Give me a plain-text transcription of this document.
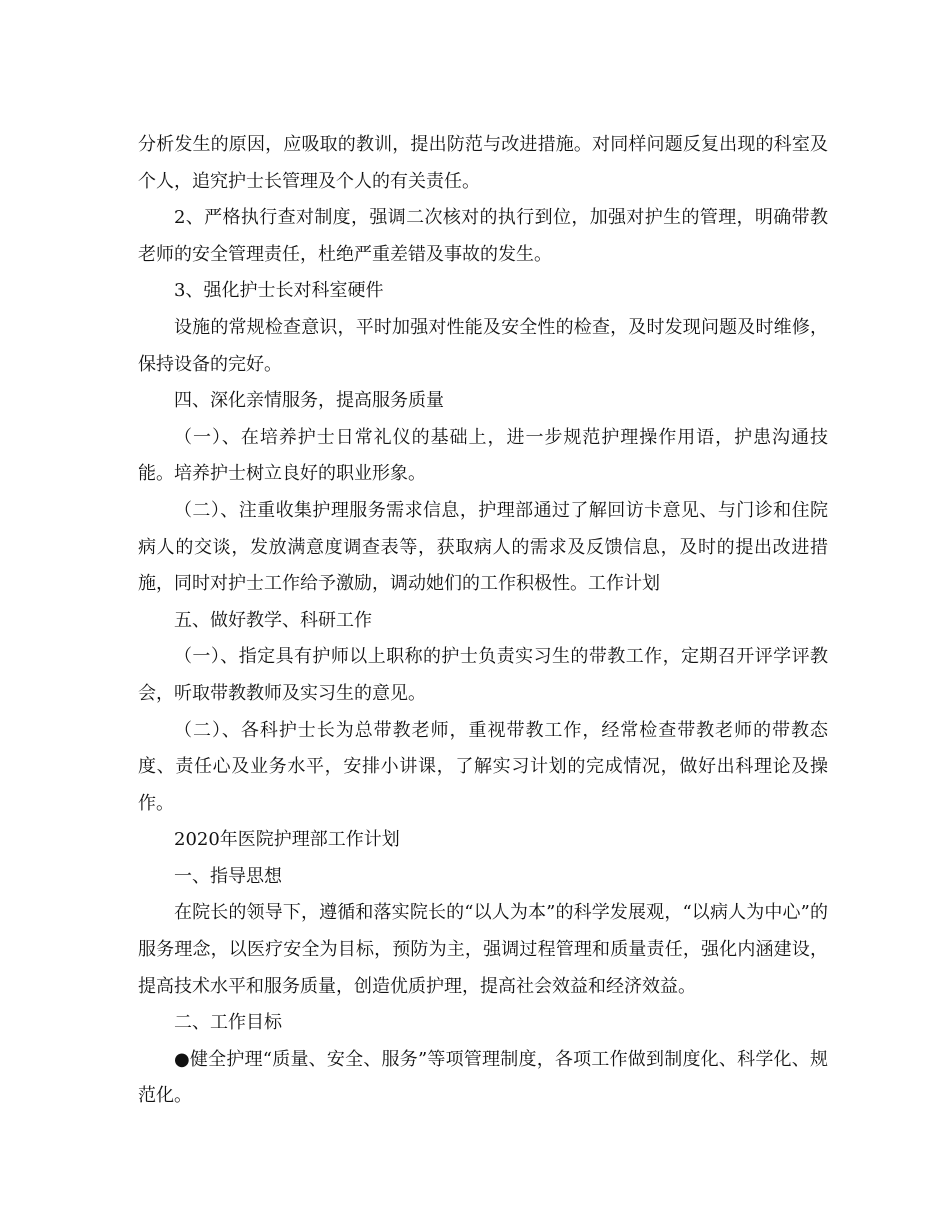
分析发生的原因，应吸取的教训，提出防范与改进措施。对同样问题反复出现的科室及个人，追究护士长管理及个人的有关责任。

2、严格执行查对制度，强调二次核对的执行到位，加强对护生的管理，明确带教老师的安全管理责任，杜绝严重差错及事故的发生。

3、强化护士长对科室硬件

设施的常规检查意识，平时加强对性能及安全性的检查，及时发现问题及时维修，保持设备的完好。

四、深化亲情服务，提高服务质量

（一）、在培养护士日常礼仪的基础上，进一步规范护理操作用语，护患沟通技能。培养护士树立良好的职业形象。

（二）、注重收集护理服务需求信息，护理部通过了解回访卡意见、与门诊和住院病人的交谈，发放满意度调查表等，获取病人的需求及反馈信息，及时的提出改进措施，同时对护士工作给予激励，调动她们的工作积极性。工作计划

五、做好教学、科研工作

（一）、指定具有护师以上职称的护士负责实习生的带教工作，定期召开评学评教会，听取带教教师及实习生的意见。

（二）、各科护士长为总带教老师，重视带教工作，经常检查带教老师的带教态度、责任心及业务水平，安排小讲课，了解实习计划的完成情况，做好出科理论及操作。

2020年医院护理部工作计划

一、指导思想

在院长的领导下，遵循和落实院长的“以人为本”的科学发展观，“以病人为中心”的服务理念，以医疗安全为目标，预防为主，强调过程管理和质量责任，强化内涵建设，提高技术水平和服务质量，创造优质护理，提高社会效益和经济效益。

二、工作目标

●健全护理“质量、安全、服务”等项管理制度，各项工作做到制度化、科学化、规范化。
